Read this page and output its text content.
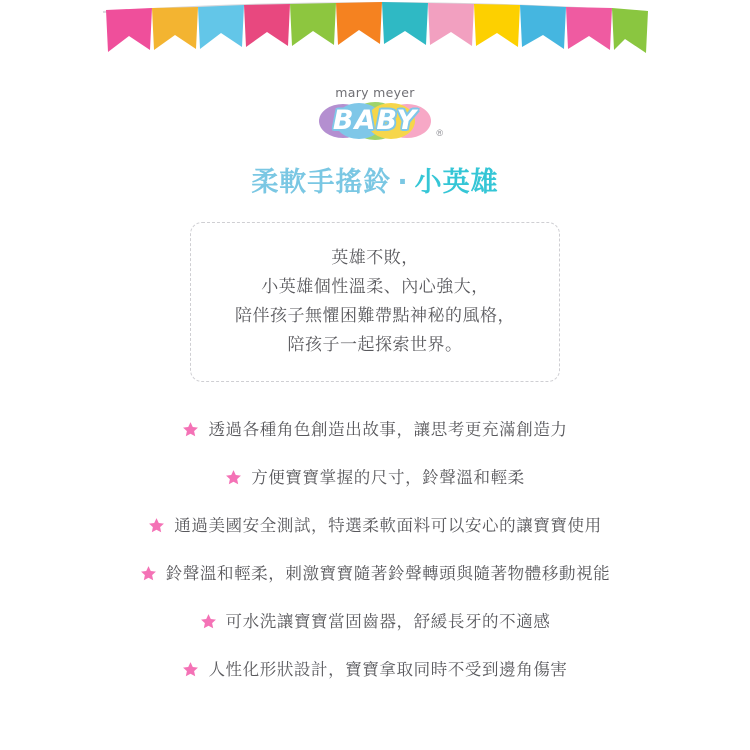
mary meyer
BABY	®
柔軟手搖鈴 · 小英雄
英雄不敗，
小英雄個性溫柔、內心強大，
陪伴孩子無懼困難帶點神秘的風格，
陪孩子一起探索世界。
透過各種角色創造出故事，讓思考更充滿創造力
方便寶寶掌握的尺寸，鈴聲溫和輕柔
通過美國安全測試，特選柔軟面料可以安心的讓寶寶使用
鈴聲溫和輕柔，刺激寶寶隨著鈴聲轉頭與隨著物體移動視能
可水洗讓寶寶當固齒器，舒緩長牙的不適感
人性化形狀設計，寶寶拿取同時不受到邊角傷害
